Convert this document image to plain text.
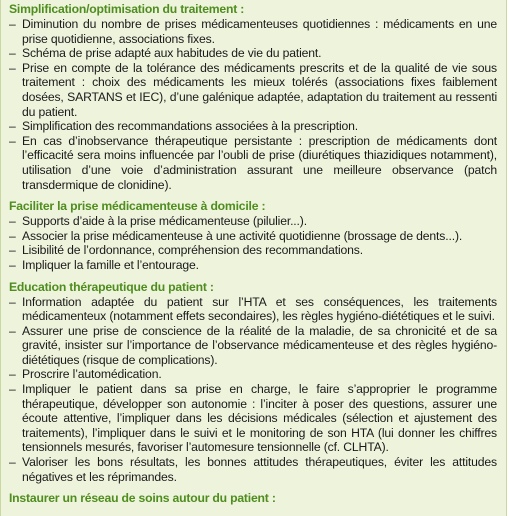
Simplification/optimisation du traitement :
– Diminution du nombre de prises médicamenteuses quotidiennes : médicaments en une prise quotidienne, associations fixes.
– Schéma de prise adapté aux habitudes de vie du patient.
– Prise en compte de la tolérance des médicaments prescrits et de la qualité de vie sous traitement : choix des médicaments les mieux tolérés (associations fixes faiblement dosées, SARTANS et IEC), d’une galénique adaptée, adaptation du traitement au ressenti du patient.
– Simplification des recommandations associées à la prescription.
– En cas d’inobservance thérapeutique persistante : prescription de médicaments dont l’efficacité sera moins influencée par l’oubli de prise (diurétiques thiazidiques notamment), utilisation d’une voie d’administration assurant une meilleure observance (patch transdermique de clonidine).
Faciliter la prise médicamenteuse à domicile :
– Supports d’aide à la prise médicamenteuse (pilulier...).
– Associer la prise médicamenteuse à une activité quotidienne (brossage de dents...).
– Lisibilité de l’ordonnance, compréhension des recommandations.
– Impliquer la famille et l’entourage.
Education thérapeutique du patient :
– Information adaptée du patient sur l’HTA et ses conséquences, les traitements médicamenteux (notamment effets secondaires), les règles hygiéno-diététiques et le suivi.
– Assurer une prise de conscience de la réalité de la maladie, de sa chronicité et de sa gravité, insister sur l’importance de l’observance médicamenteuse et des règles hygiéno-diététiques (risque de complications).
– Proscrire l’automédication.
– Impliquer le patient dans sa prise en charge, le faire s’approprier le programme thérapeutique, développer son autonomie : l’inciter à poser des questions, assurer une écoute attentive, l’impliquer dans les décisions médicales (sélection et ajustement des traitements), l’impliquer dans le suivi et le monitoring de son HTA (lui donner les chiffres tensionnels mesurés, favoriser l’automesure tensionnelle (cf. CLHTA).
– Valoriser les bons résultats, les bonnes attitudes thérapeutiques, éviter les attitudes négatives et les réprimandes.
Instaurer un réseau de soins autour du patient :
